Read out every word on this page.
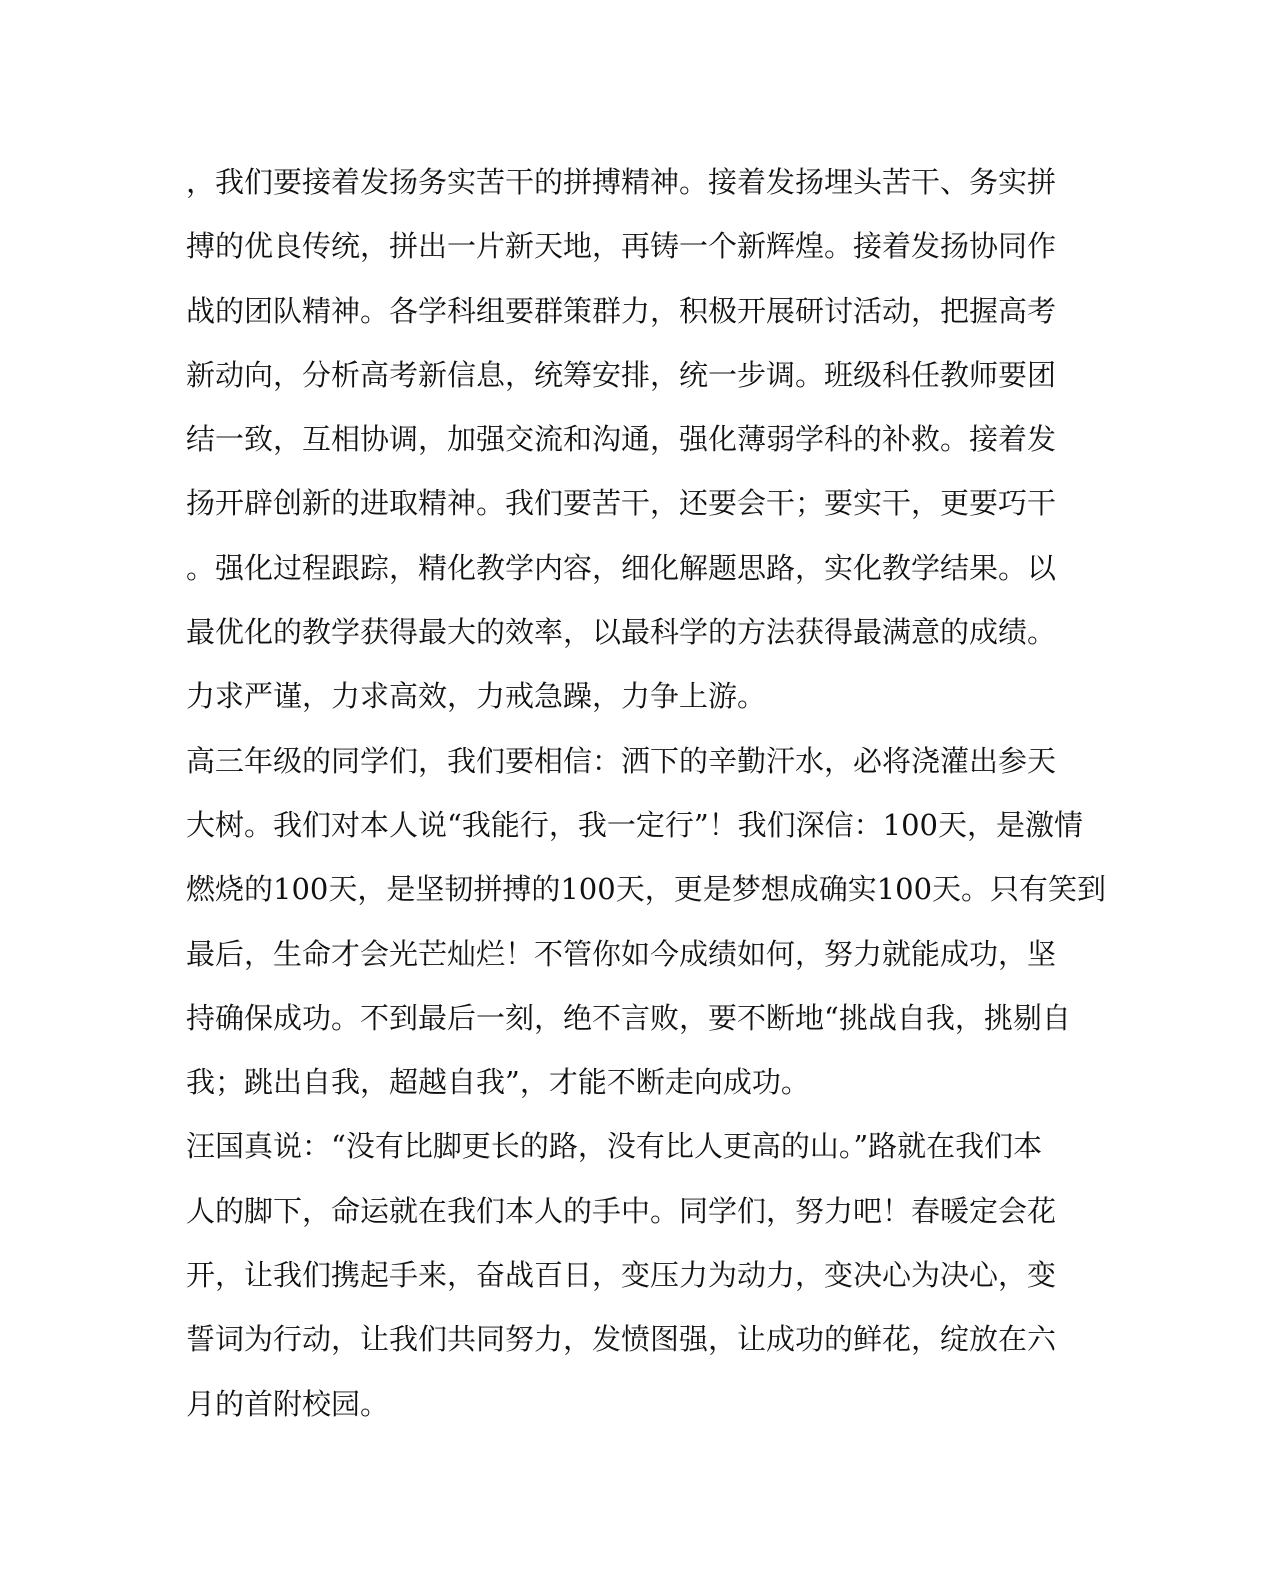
，我们要接着发扬务实苦干的拼搏精神。接着发扬埋头苦干、务实拼
搏的优良传统，拼出一片新天地，再铸一个新辉煌。接着发扬协同作
战的团队精神。各学科组要群策群力，积极开展研讨活动，把握高考
新动向，分析高考新信息，统筹安排，统一步调。班级科任教师要团
结一致，互相协调，加强交流和沟通，强化薄弱学科的补救。接着发
扬开辟创新的进取精神。我们要苦干，还要会干；要实干，更要巧干
。强化过程跟踪，精化教学内容，细化解题思路，实化教学结果。以
最优化的教学获得最大的效率，以最科学的方法获得最满意的成绩。
力求严谨，力求高效，力戒急躁，力争上游。
高三年级的同学们，我们要相信：洒下的辛勤汗水，必将浇灌出参天
大树。我们对本人说“我能行，我一定行”！我们深信：100天，是激情
燃烧的100天，是坚韧拼搏的100天，更是梦想成确实100天。只有笑到
最后，生命才会光芒灿烂！不管你如今成绩如何，努力就能成功，坚
持确保成功。不到最后一刻，绝不言败，要不断地“挑战自我，挑剔自
我；跳出自我，超越自我”，才能不断走向成功。
汪国真说：“没有比脚更长的路，没有比人更高的山。”路就在我们本
人的脚下，命运就在我们本人的手中。同学们，努力吧！春暖定会花
开，让我们携起手来，奋战百日，变压力为动力，变决心为决心，变
誓词为行动，让我们共同努力，发愤图强，让成功的鲜花，绽放在六
月的首附校园。
